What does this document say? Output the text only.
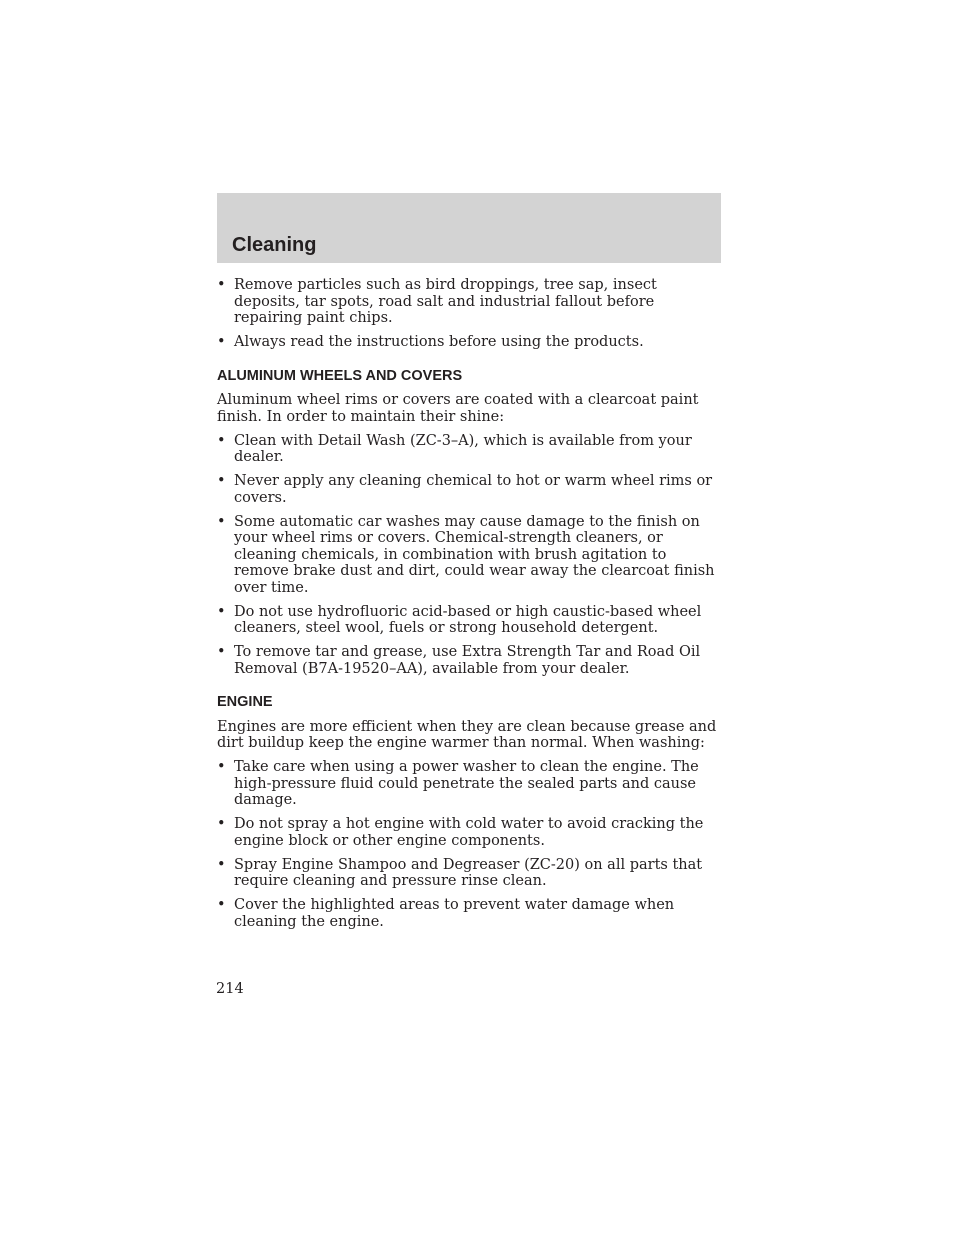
Cleaning
• Remove particles such as bird droppings, tree sap, insect deposits, tar spots, road salt and industrial fallout before repairing paint chips.
• Always read the instructions before using the products.
ALUMINUM WHEELS AND COVERS

Aluminum wheel rims or covers are coated with a clearcoat paint finish. In order to maintain their shine:

• Clean with Detail Wash (ZC-3–A), which is available from your dealer.
• Never apply any cleaning chemical to hot or warm wheel rims or covers.
• Some automatic car washes may cause damage to the finish on your wheel rims or covers. Chemical-strength cleaners, or cleaning chemicals, in combination with brush agitation to remove brake dust and dirt, could wear away the clearcoat finish over time.
• Do not use hydrofluoric acid-based or high caustic-based wheel cleaners, steel wool, fuels or strong household detergent.
• To remove tar and grease, use Extra Strength Tar and Road Oil Removal (B7A-19520–AA), available from your dealer.
ENGINE

Engines are more efficient when they are clean because grease and dirt buildup keep the engine warmer than normal. When washing:

• Take care when using a power washer to clean the engine. The high-pressure fluid could penetrate the sealed parts and cause damage.
• Do not spray a hot engine with cold water to avoid cracking the engine block or other engine components.
• Spray Engine Shampoo and Degreaser (ZC-20) on all parts that require cleaning and pressure rinse clean.
• Cover the highlighted areas to prevent water damage when cleaning the engine.
214
